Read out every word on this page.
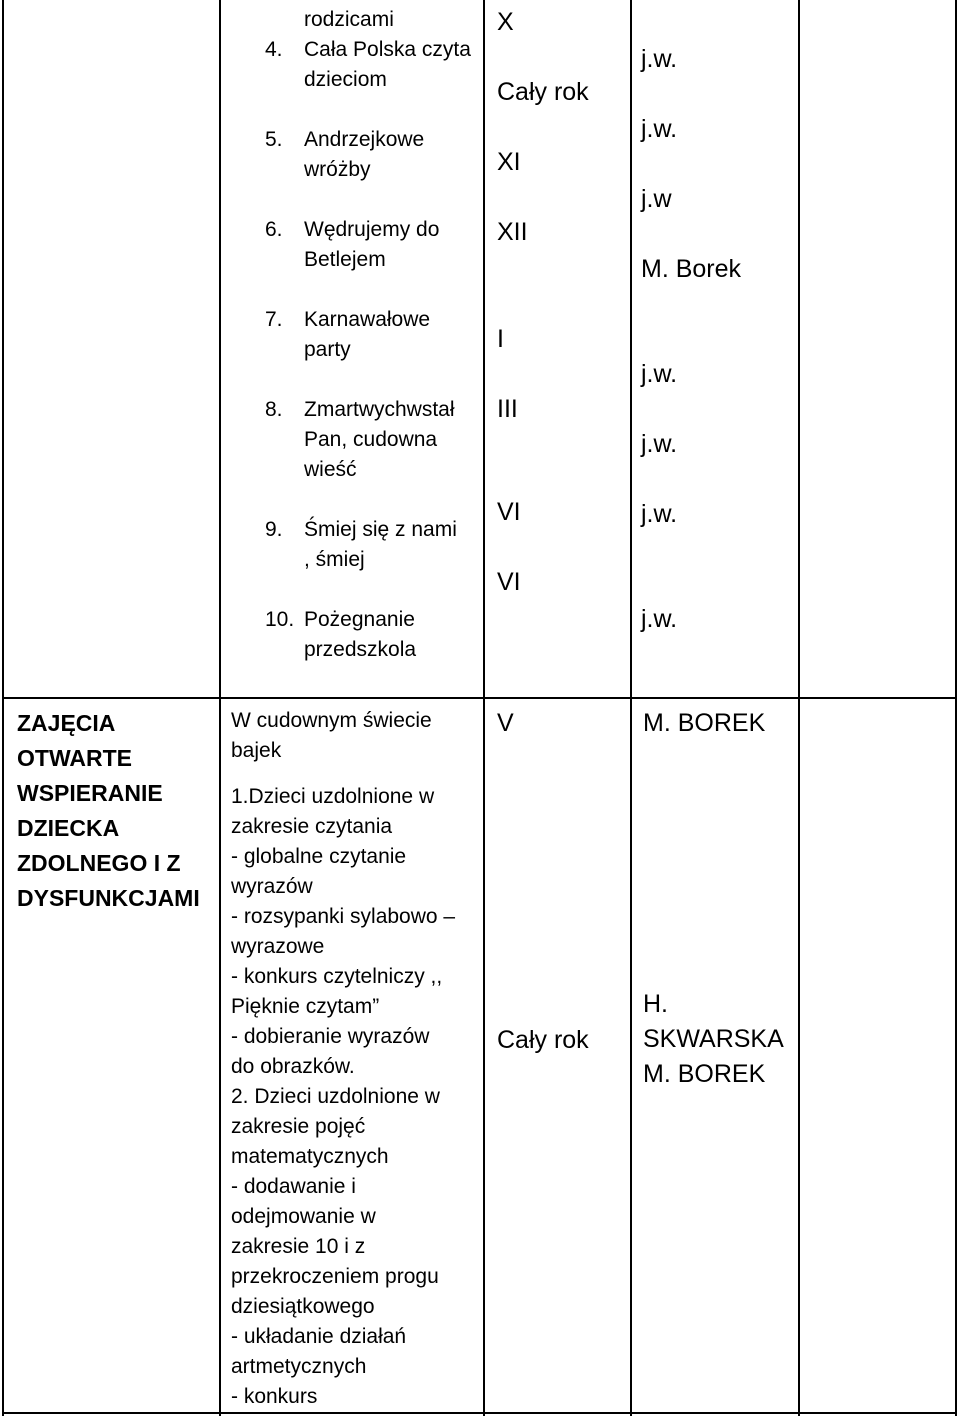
rodzicami
4. Cała Polska czyta
dzieciom
5. Andrzejkowe
wróżby
6. Wędrujemy do
Betlejem
7. Karnawałowe
party
8. Zmartwychwstał
Pan, cudowna
wieść
9. Śmiej się z nami
, śmiej
10. Pożegnanie
przedszkola
X
Cały rok
XI
XII
I
III
VI
VI
j.w.
j.w.
j.w
M. Borek
j.w.
j.w.
j.w.
j.w.
ZAJĘCIA
OTWARTE
WSPIERANIE
DZIECKA
ZDOLNEGO I Z
DYSFUNKCJAMI
W cudownym świecie
bajek
1.Dzieci uzdolnione w
zakresie czytania
- globalne czytanie
wyrazów
- rozsypanki sylabowo –
wyrazowe
- konkurs czytelniczy ,,
Pięknie czytam”
- dobieranie wyrazów
do obrazków.
2. Dzieci uzdolnione w
zakresie pojęć
matematycznych
- dodawanie i
odejmowanie w
zakresie 10 i z
przekroczeniem progu
dziesiątkowego
- układanie działań
artmetycznych
- konkurs
V
Cały rok
M. BOREK
H.
SKWARSKA
M. BOREK
